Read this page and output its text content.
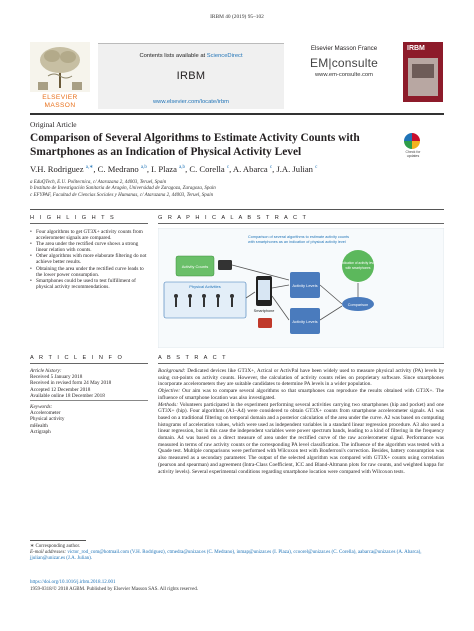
IRBM 40 (2019) 95–102
ELSEVIER MASSON
Contents lists available at ScienceDirect
IRBM
www.elsevier.com/locate/irbm
Elsevier Masson France
EM|consulte
www.em-consulte.com
IRBM
Original Article
Comparison of Several Algorithms to Estimate Activity Counts with Smartphones as an Indication of Physical Activity Level	Check for updates
V.H. Rodriguez $^{a,∗}$, C. Medrano $^{a,b}$, I. Plaza $^{a,b}$, C. Corella $^c$, A. Abarca $^c$, J.A. Julian $^c$
a EduQTech, E.U. Politecnica, c/ Atarazana 2, 44003, Teruel, Spain
b Instituto de Investigación Sanitaria de Aragón, Universidad de Zaragoza, Zaragoza, Spain
c EFYPAF, Facultad de Ciencias Sociales y Humanas, c/ Atarazana 2, 44003, Teruel, Spain
H I G H L I G H T S	G R A P H I C A L A B S T R A C T
• Four algorithms to get GT3X+ activity counts from accelerometer signals are compared.
• The area under the rectified curve shows a strong linear relation with counts.
• Other algorithms with more elaborate filtering do not achieve better results.
• Obtaining the area under the rectified curve leads to the lower power consumption.
• Smartphones could be used to test fulfillment of physical activity recommendations.
Comparison of several algorithms to estimate activity counts
with smartphones as an indication of physical activity level
Activity Counts
Physical Activities
Smartphone
Activity Levels
Activity Levels
Indication of activity level
with smartphones
Comparison
A R T I C L E I N F O	A B S T R A C T
Article history:
Received 5 January 2018
Received in revised form 24 May 2018
Accepted 12 December 2018
Available online 18 December 2018
Keywords:
Accelerometer
Physical activity
mHealth
Actigraph

Background: Dedicated devices like GT3X+, Actical or ActivPal have been widely used to measure physical activity (PA) levels by using cut-points on activity counts. However, the calculation of activity counts relies on proprietary software. Since smartphones incorporate accelerometers they are suitable candidates to determine PA levels in a wider population.

Objective: Our aim was to compare several algorithms so that smartphones can reproduce the results obtained with GT3X+. The influence of smartphone location was also investigated.

Methods: Volunteers participated in the experiment performing several activities carrying two smartphones (hip and pocket) and one GT3X+ (hip). Four algorithms (A1–A4) were considered to obtain GT3X+ counts from smartphone accelerometer signals. A1 was based on a traditional filtering on temporal domain and a posterior calculation of the area under the curve. A2 was based on computing histograms of acceleration values, which were used as independent variables in a standard linear regression procedure. A3 also used a linear regression, but in this case the independent variables were power spectrum bands, leading to a kind of filtering in the frequency domain. A4 was based on a direct measure of area under the rectified curve of the raw accelerometer signal. Performance was measured in terms of raw activity counts or the corresponding PA level classification. The influence of the algorithm was tested with a Quade test. Multiple comparisons were performed with Wilcoxon test with Bonferroni's correction. Besides, battery consumption was also measured as a secondary parameter. The output of the selected algorithm was compared with GT3X+ counts using correlation (pearson and spearman) and agreement (Intra-Class Coefficient, ICC and Bland-Altmann plots for raw counts, and weighted kappa for activity levels). Several experimental conditions regarding smartphone location were compared with Wilcoxon tests.

∗ Corresponding author.
E-mail addresses: victor_rod_com@hotmail.com (V.H. Rodriguez), ctmedra@unizar.es (C. Medrano), inmap@unizar.es (I. Plaza), ccoorel@unizar.es (C. Corella), aabarca@unizar.es (A. Abarca), jjulian@unizar.es (J.A. Julian).
https://doi.org/10.1016/j.irbm.2018.12.001
1959-0318/© 2018 AGBM. Published by Elsevier Masson SAS. All rights reserved.
